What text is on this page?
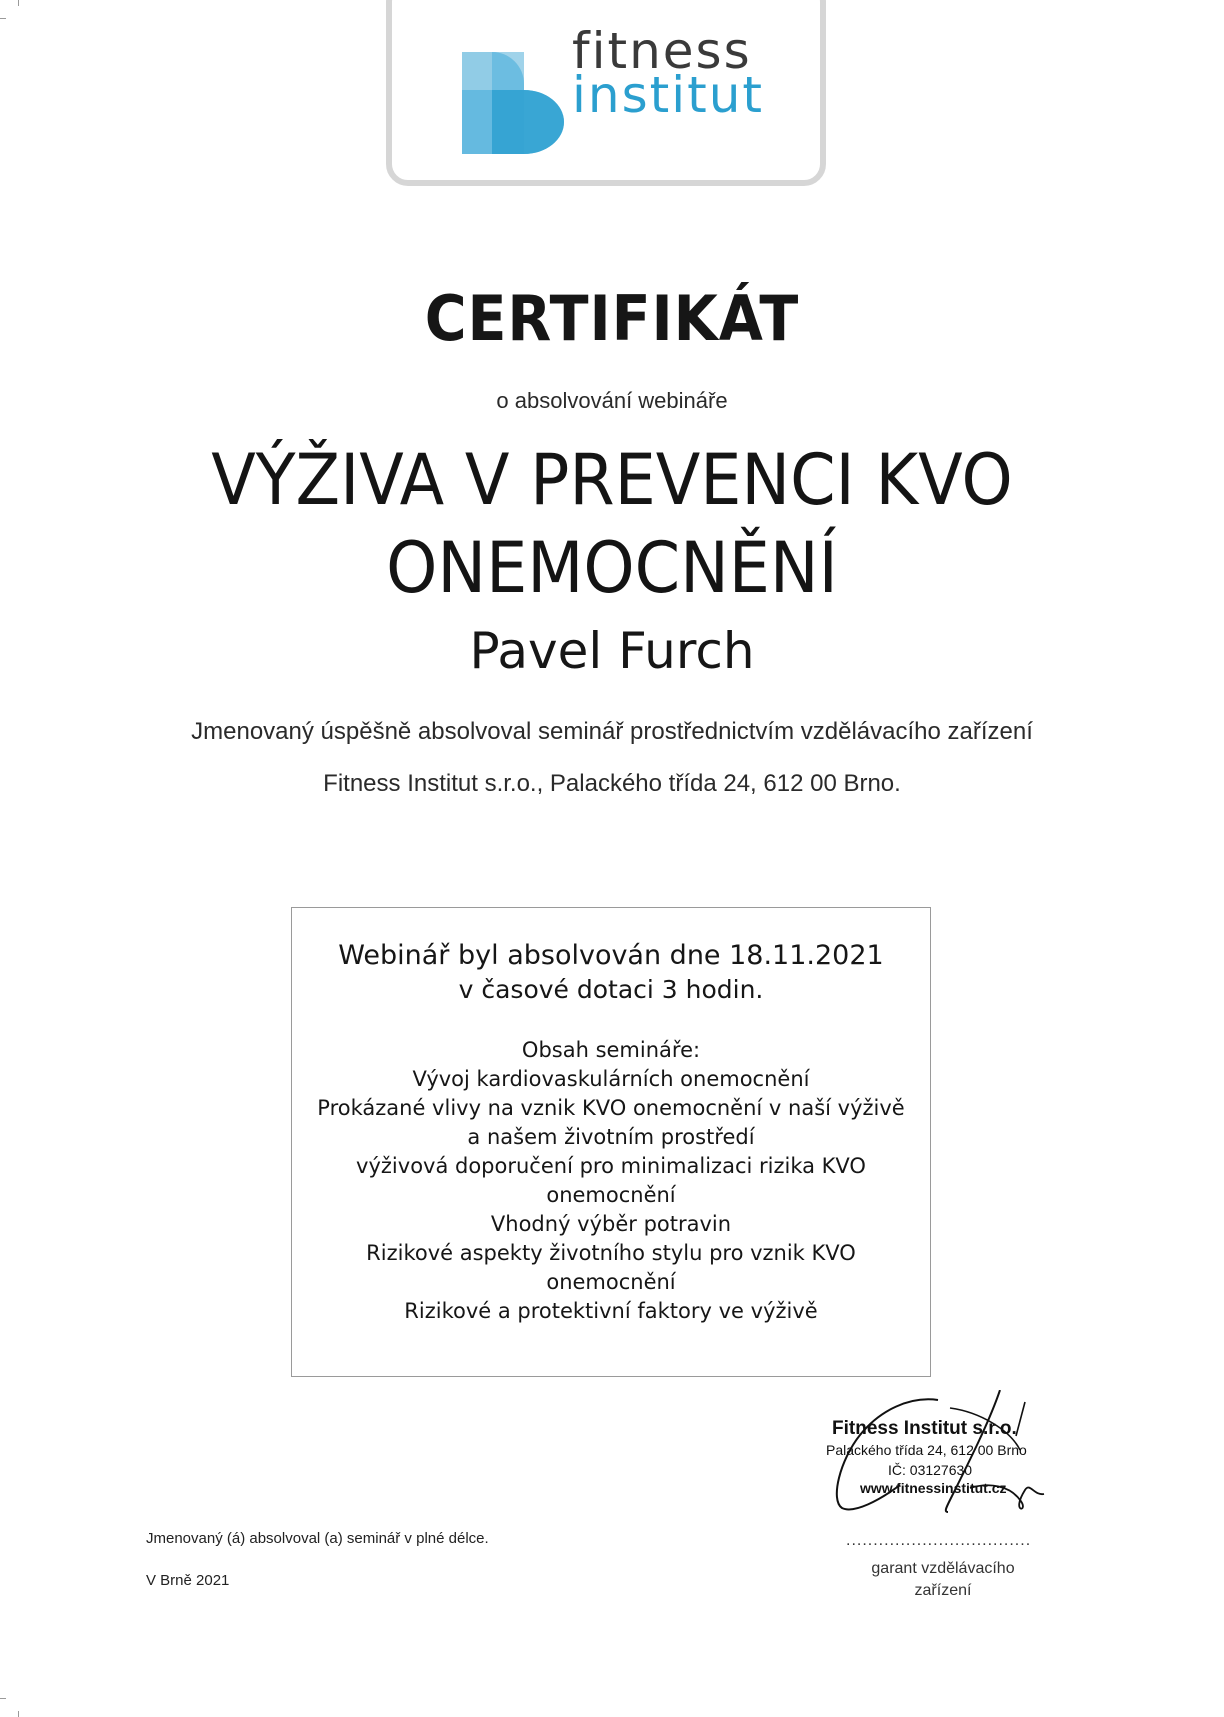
fitness
institut
CERTIFIKÁT
o absolvování webináře
VÝŽIVA V PREVENCI KVO
ONEMOCNĚNÍ
Pavel Furch
Jmenovaný úspěšně absolvoval seminář prostřednictvím vzdělávacího zařízení
Fitness Institut s.r.o., Palackého třída 24, 612 00 Brno.
Webinář byl absolvován dne 18.11.2021
v časové dotaci 3 hodin.
Obsah semináře:
Vývoj kardiovaskulárních onemocnění
Prokázané vlivy na vznik KVO onemocnění v naší výživě a našem životním prostředí
výživová doporučení pro minimalizaci rizika KVO onemocnění
Vhodný výběr potravin
Rizikové aspekty životního stylu pro vznik KVO onemocnění
Rizikové a protektivní faktory ve výživě
Fitness Institut s.r.o.
Palackého třída 24, 612 00 Brno
IČ: 03127630
www.fitnessinstitut.cz
..................................
garant vzdělávacího
zařízení
Jmenovaný (á) absolvoval (a) seminář v plné délce.
V Brně 2021
